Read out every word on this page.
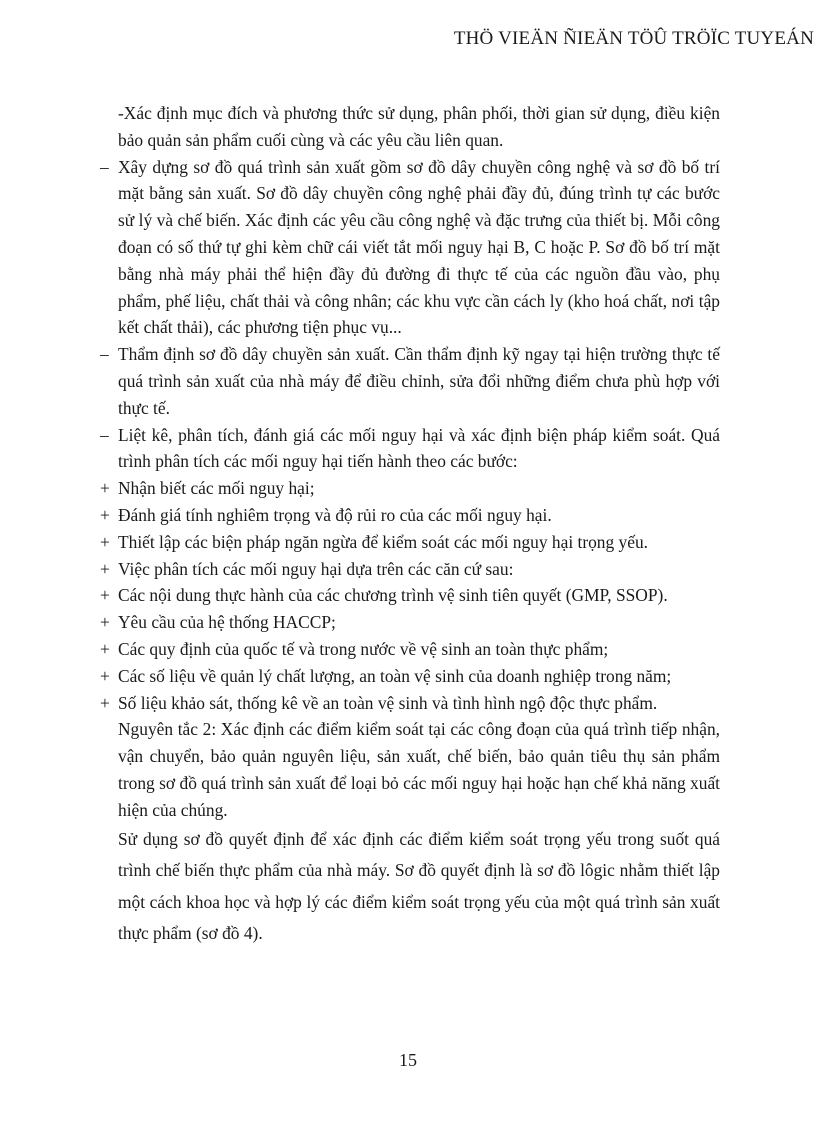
THÖ VIEÄN ÑIEÄN TÖÛ TRÖÏC TUYEÁN

-Xác định mục đích và phương thức sử dụng, phân phối, thời gian sử dụng, điều kiện bảo quản sản phẩm cuối cùng và các yêu cầu liên quan.

– Xây dựng sơ đồ quá trình sản xuất gồm sơ đồ dây chuyền công nghệ và sơ đồ bố trí mặt bằng sản xuất. Sơ đồ dây chuyền công nghệ phải đầy đủ, đúng trình tự các bước sử lý và chế biến. Xác định các yêu cầu công nghệ và đặc trưng của thiết bị. Mỗi công đoạn có số thứ tự ghi kèm chữ cái viết tắt mối nguy hại B, C hoặc P. Sơ đồ bố trí mặt bằng nhà máy phải thể hiện đầy đủ đường đi thực tế của các nguồn đầu vào, phụ phẩm, phế liệu, chất thải và công nhân; các khu vực cần cách ly (kho hoá chất, nơi tập kết chất thải), các phương tiện phục vụ...
– Thẩm định sơ đồ dây chuyền sản xuất. Cần thẩm định kỹ ngay tại hiện trường thực tế quá trình sản xuất của nhà máy để điều chỉnh, sửa đổi những điểm chưa phù hợp với thực tế.
– Liệt kê, phân tích, đánh giá các mối nguy hại và xác định biện pháp kiểm soát. Quá trình phân tích các mối nguy hại tiến hành theo các bước:
+ Nhận biết các mối nguy hại;
+ Đánh giá tính nghiêm trọng và độ rủi ro của các mối nguy hại.
+ Thiết lập các biện pháp ngăn ngừa để kiểm soát các mối nguy hại trọng yếu.
+ Việc phân tích các mối nguy hại dựa trên các căn cứ sau:
+ Các nội dung thực hành của các chương trình vệ sinh tiên quyết (GMP, SSOP).
+ Yêu cầu của hệ thống HACCP;
+ Các quy định của quốc tế và trong nước về vệ sinh an toàn thực phẩm;
+ Các số liệu về quản lý chất lượng, an toàn vệ sinh của doanh nghiệp trong năm;
+ Số liệu khảo sát, thống kê về an toàn vệ sinh và tình hình ngộ độc thực phẩm.

Nguyên tắc 2: Xác định các điểm kiểm soát tại các công đoạn của quá trình tiếp nhận, vận chuyển, bảo quản nguyên liệu, sản xuất, chế biến, bảo quản tiêu thụ sản phẩm trong sơ đồ quá trình sản xuất để loại bỏ các mối nguy hại hoặc hạn chế khả năng xuất hiện của chúng.

Sử dụng sơ đồ quyết định để xác định các điểm kiểm soát trọng yếu trong suốt quá trình chế biến thực phẩm của nhà máy. Sơ đồ quyết định là sơ đồ lôgic nhằm thiết lập một cách khoa học và hợp lý các điểm kiểm soát trọng yếu của một quá trình sản xuất thực phẩm (sơ đồ 4).

15
